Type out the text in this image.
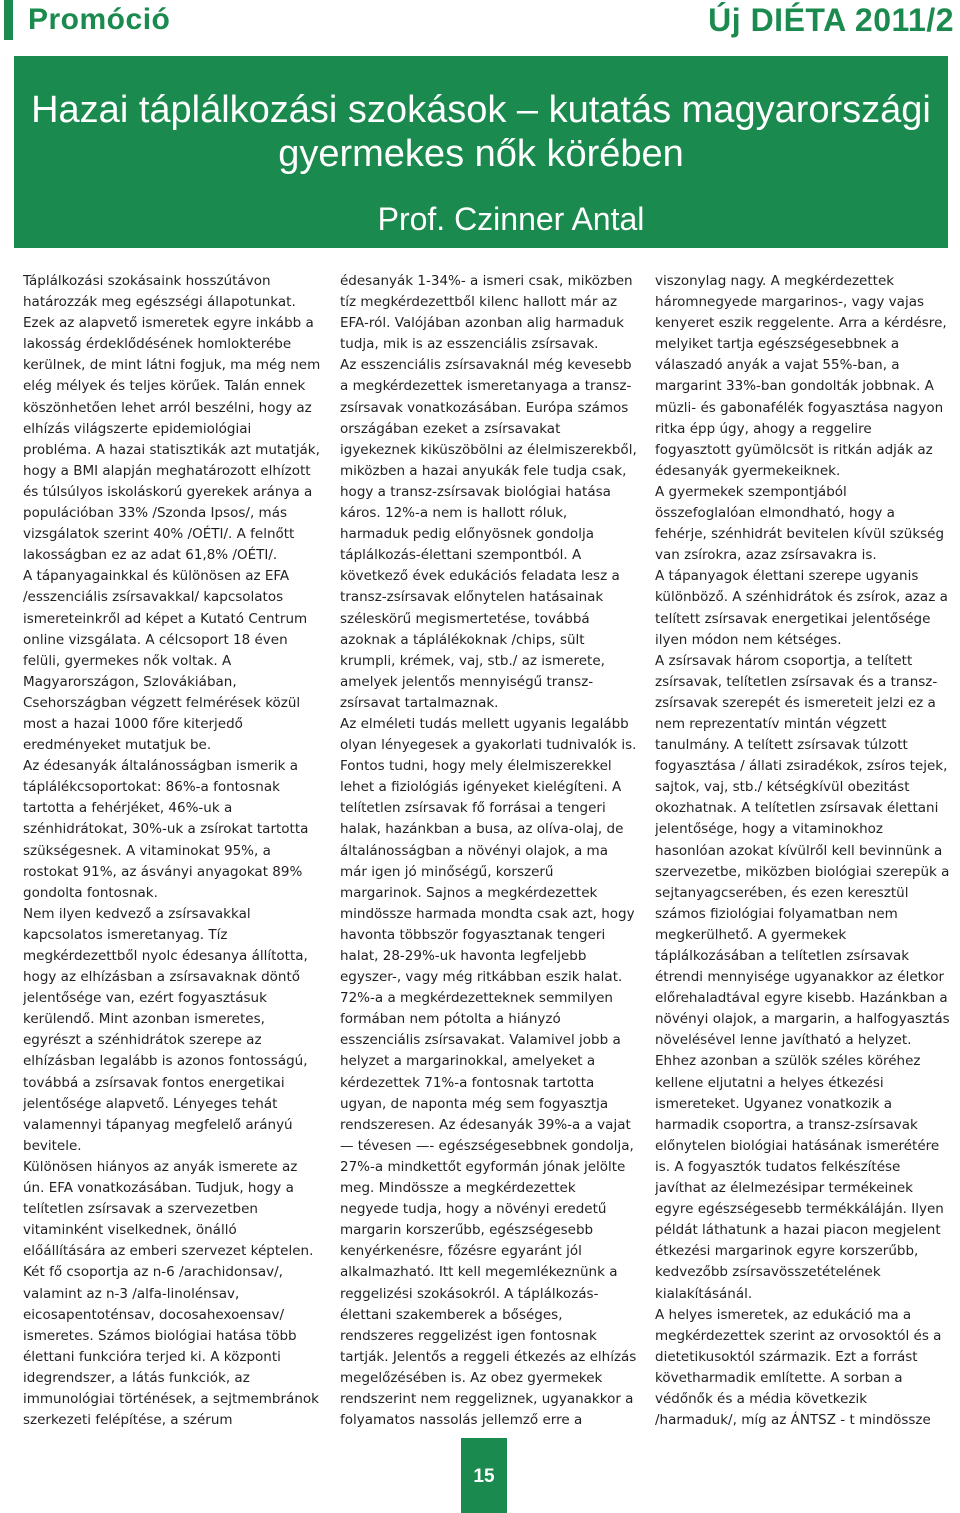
Promóció	Új DIÉTA 2011/2
Hazai táplálkozási szokások – kutatás magyarországi gyermekes nők körében
Prof. Czinner Antal

Táplálkozási szokásaink hosszútávon határozzák meg egészségi állapotunkat. Ezek az alapvető ismeretek egyre inkább a lakosság érdeklődésének homlokterébe kerülnek, de mint látni fogjuk, ma még nem elég mélyek és teljes körűek. Talán ennek köszönhetően lehet arról beszélni, hogy az elhízás világszerte epidemiológiai probléma. A hazai statisztikák azt mutatják, hogy a BMI alapján meghatározott elhízott és túlsúlyos iskoláskorú gyerekek aránya a populációban 33% /Szonda Ipsos/, más vizsgálatok szerint 40% /OÉTI/. A felnőtt lakosságban ez az adat 61,8% /OÉTI/.

A tápanyagainkkal és különösen az EFA /esszenciális zsírsavakkal/ kapcsolatos ismereteinkről ad képet a Kutató Centrum online vizsgálata. A célcsoport 18 éven felüli, gyermekes nők voltak. A Magyarországon, Szlovákiában, Csehországban végzett felmérések közül most a hazai 1000 főre kiterjedő eredményeket mutatjuk be.

Az édesanyák általánosságban ismerik a táplálékcsoportokat: 86%-a fontosnak tartotta a fehérjéket, 46%-uk a szénhidrátokat, 30%-uk a zsírokat tartotta szükségesnek. A vitaminokat 95%, a rostokat 91%, az ásványi anyagokat 89% gondolta fontosnak.

Nem ilyen kedvező a zsírsavakkal kapcsolatos ismeretanyag. Tíz megkérdezettből nyolc édesanya állította, hogy az elhízásban a zsírsavaknak döntő jelentősége van, ezért fogyasztásuk kerülendő. Mint azonban ismeretes, egyrészt a szénhidrátok szerepe az elhízásban legalább is azonos fontosságú, továbbá a zsírsavak fontos energetikai jelentősége alapvető. Lényeges tehát valamennyi tápanyag megfelelő arányú bevitele.

Különösen hiányos az anyák ismerete az ún. EFA vonatkozásában. Tudjuk, hogy a telítetlen zsírsavak a szervezetben vitaminként viselkednek, önálló előállítására az emberi szervezet képtelen. Két fő csoportja az n-6 /arachidonsav/, valamint az n-3 /alfa-linolénsav, eicosapentoténsav, docosahexoensav/ ismeretes. Számos biológiai hatása több élettani funkcióra terjed ki. A központi idegrendszer, a látás funkciók, az immunológiai történések, a sejtmembránok szerkezeti felépítése, a szérum

édesanyák 1-34%- a ismeri csak, miközben tíz megkérdezettből kilenc hallott már az EFA-ról. Valójában azonban alig harmaduk tudja, mik is az esszenciális zsírsavak.

Az esszenciális zsírsavaknál még kevesebb a megkérdezettek ismeretanyaga a transz-zsírsavak vonatkozásában. Európa számos országában ezeket a zsírsavakat igyekeznek kiküszöbölni az élelmiszerekből, miközben a hazai anyukák fele tudja csak, hogy a transz-zsírsavak biológiai hatása káros. 12%-a nem is hallott róluk, harmaduk pedig előnyösnek gondolja táplálkozás-élettani szempontból. A következő évek edukációs feladata lesz a transz-zsírsavak előnytelen hatásainak széleskörű megismertetése, továbbá azoknak a táplálékoknak /chips, sült krumpli, krémek, vaj, stb./ az ismerete, amelyek jelentős mennyiségű transz-zsírsavat tartalmaznak.

Az elméleti tudás mellett ugyanis legalább olyan lényegesek a gyakorlati tudnivalók is. Fontos tudni, hogy mely élelmiszerekkel lehet a fiziológiás igényeket kielégíteni. A telítetlen zsírsavak fő forrásai a tengeri halak, hazánkban a busa, az olíva-olaj, de általánosságban a növényi olajok, a ma már igen jó minőségű, korszerű margarinok. Sajnos a megkérdezettek mindössze harmada mondta csak azt, hogy havonta többször fogyasztanak tengeri halat, 28-29%-uk havonta legfeljebb egyszer-, vagy még ritkábban eszik halat. 72%-a a megkérdezetteknek semmilyen formában nem pótolta a hiányzó esszenciális zsírsavakat. Valamivel jobb a helyzet a margarinokkal, amelyeket a kérdezettek 71%-a fontosnak tartotta ugyan, de naponta még sem fogyasztja rendszeresen. Az édesanyák 39%-a a vajat — tévesen —- egészségesebbnek gondolja, 27%-a mindkettőt egyformán jónak jelölte meg. Mindössze a megkérdezettek negyede tudja, hogy a növényi eredetű margarin korszerűbb, egészségesebb kenyérkenésre, főzésre egyaránt jól alkalmazható. Itt kell megemlékeznünk a reggelizési szokásokról. A táplálkozás-élettani szakemberek a bőséges, rendszeres reggelizést igen fontosnak tartják. Jelentős a reggeli étkezés az elhízás megelőzésében is. Az obez gyermekek rendszerint nem reggeliznek, ugyanakkor a folyamatos nassolás jellemző erre a

viszonylag nagy. A megkérdezettek háromnegyede margarinos-, vagy vajas kenyeret eszik reggelente. Arra a kérdésre, melyiket tartja egészségesebbnek a válaszadó anyák a vajat 55%-ban, a margarint 33%-ban gondolták jobbnak. A müzli- és gabonafélék fogyasztása nagyon ritka épp úgy, ahogy a reggelire fogyasztott gyümölcsöt is ritkán adják az édesanyák gyermekeiknek.

A gyermekek szempontjából összefoglalóan elmondható, hogy a fehérje, szénhidrát bevitelen kívül szükség van zsírokra, azaz zsírsavakra is.

A tápanyagok élettani szerepe ugyanis különböző. A szénhidrátok és zsírok, azaz a telített zsírsavak energetikai jelentősége ilyen módon nem kétséges.

A zsírsavak három csoportja, a telített zsírsavak, telítetlen zsírsavak és a transz-zsírsavak szerepét és ismereteit jelzi ez a nem reprezentatív mintán végzett tanulmány. A telített zsírsavak túlzott fogyasztása / állati zsiradékok, zsíros tejek, sajtok, vaj, stb./ kétségkívül obezitást okozhatnak. A telítetlen zsírsavak élettani jelentősége, hogy a vitaminokhoz hasonlóan azokat kívülről kell bevinnünk a szervezetbe, miközben biológiai szerepük a sejtanyagcserében, és ezen keresztül számos fiziológiai folyamatban nem megkerülhető. A gyermekek táplálkozásában a telítetlen zsírsavak étrendi mennyisége ugyanakkor az életkor előrehaladtával egyre kisebb. Hazánkban a növényi olajok, a margarin, a halfogyasztás növelésével lenne javítható a helyzet. Ehhez azonban a szülök széles köréhez kellene eljutatni a helyes étkezési ismereteket. Ugyanez vonatkozik a harmadik csoportra, a transz-zsírsavak előnytelen biológiai hatásának ismerétére is. A fogyasztók tudatos felkészítése javíthat az élelmezésipar termékeinek egyre egészségesebb termékkáláján. Ilyen példát láthatunk a hazai piacon megjelent étkezési margarinok egyre korszerűbb, kedvezőbb zsírsavösszetételének kialakításánál.

A helyes ismeretek, az edukáció ma a megkérdezettek szerint az orvosoktól és a dietetikusoktól származik. Ezt a forrást követharmadik említette. A sorban a védőnők és a média következik /harmaduk/, míg az ÁNTSZ - t mindössze

15
